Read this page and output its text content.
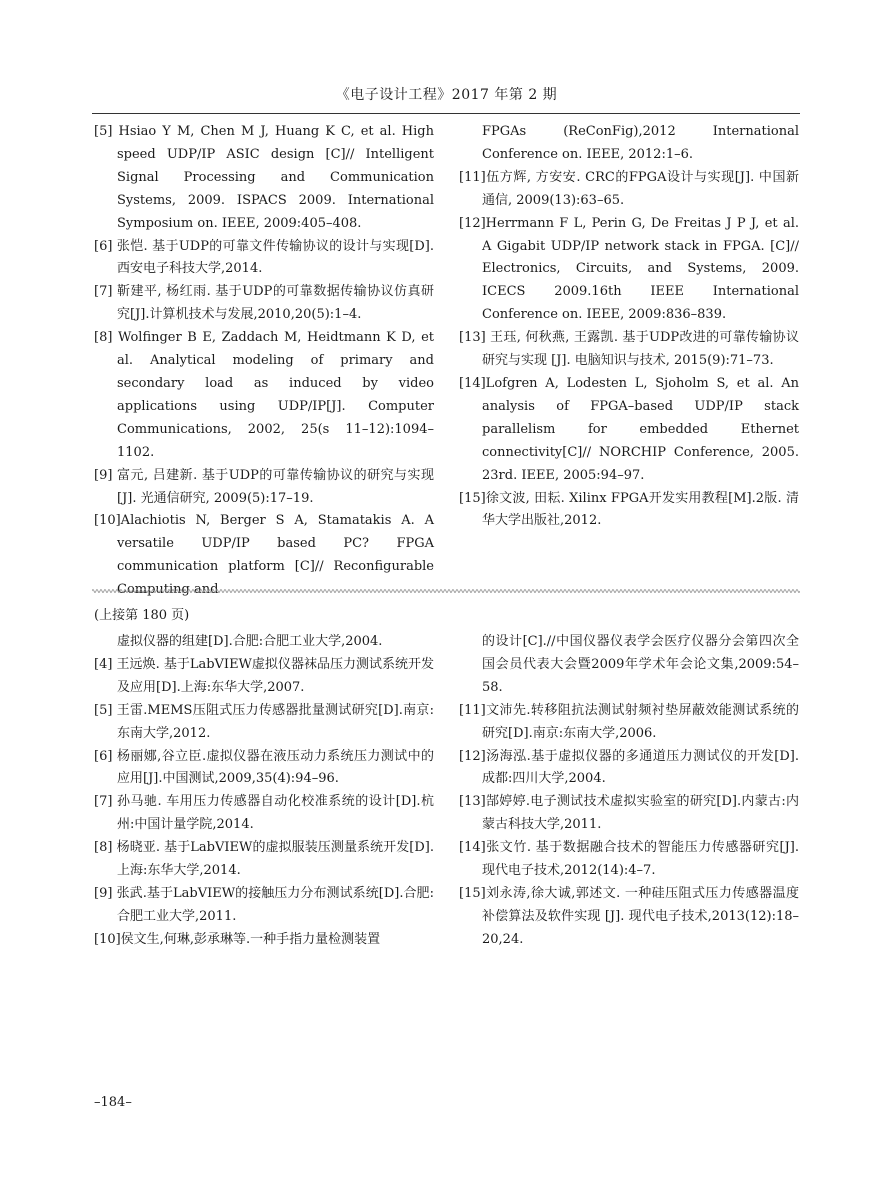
《电子设计工程》2017 年第 2 期

[5] Hsiao Y M, Chen M J, Huang K C, et al. High speed UDP/IP ASIC design [C]// Intelligent Signal Processing and Communication Systems, 2009. ISPACS 2009. International Symposium on. IEEE, 2009:405–408.

[6] 张恺. 基于UDP的可靠文件传输协议的设计与实现[D].西安电子科技大学,2014.

[7] 靳建平, 杨红雨. 基于UDP的可靠数据传输协议仿真研究[J].计算机技术与发展,2010,20(5):1–4.

[8] Wolfinger B E, Zaddach M, Heidtmann K D, et al. Analytical modeling of primary and secondary load as induced by video applications using UDP/IP[J]. Computer Communications, 2002, 25(s 11–12):1094–1102.

[9] 富元, 吕建新. 基于UDP的可靠传输协议的研究与实现[J]. 光通信研究, 2009(5):17–19.

[10]Alachiotis N, Berger S A, Stamatakis A. A versatile UDP/IP based PC? FPGA communication platform [C]// Reconfigurable Computing and

FPGAs (ReConFig),2012 International Conference on. IEEE, 2012:1–6.

[11]伍方辉, 方安安. CRC的FPGA设计与实现[J]. 中国新通信, 2009(13):63–65.

[12]Herrmann F L, Perin G, De Freitas J P J, et al. A Gigabit UDP/IP network stack in FPGA. [C]// Electronics, Circuits, and Systems, 2009. ICECS 2009.16th IEEE International Conference on. IEEE, 2009:836–839.

[13] 王珏, 何秋燕, 王露凯. 基于UDP改进的可靠传输协议研究与实现 [J]. 电脑知识与技术, 2015(9):71–73.

[14]Lofgren A, Lodesten L, Sjoholm S, et al. An analysis of FPGA–based UDP/IP stack parallelism for embedded Ethernet connectivity[C]// NORCHIP Conference, 2005. 23rd. IEEE, 2005:94–97.

[15]徐文波, 田耘. Xilinx FPGA开发实用教程[M].2版. 清华大学出版社,2012.

(上接第 180 页)

虚拟仪器的组建[D].合肥:合肥工业大学,2004.

[4] 王远焕. 基于LabVIEW虚拟仪器袜品压力测试系统开发及应用[D].上海:东华大学,2007.

[5] 王雷.MEMS压阻式压力传感器批量测试研究[D].南京:东南大学,2012.

[6] 杨丽娜,谷立臣.虚拟仪器在液压动力系统压力测试中的应用[J].中国测试,2009,35(4):94–96.

[7] 孙马驰. 车用压力传感器自动化校准系统的设计[D].杭州:中国计量学院,2014.

[8] 杨晓亚. 基于LabVIEW的虚拟服装压测量系统开发[D].上海:东华大学,2014.

[9] 张武.基于LabVIEW的接触压力分布测试系统[D].合肥:合肥工业大学,2011.

[10]侯文生,何琳,彭承琳等.一种手指力量检测装置

的设计[C].//中国仪器仪表学会医疗仪器分会第四次全国会员代表大会暨2009年学术年会论文集,2009:54–58.

[11]文沛先.转移阻抗法测试射频衬垫屏蔽效能测试系统的研究[D].南京:东南大学,2006.

[12]汤海泓.基于虚拟仪器的多通道压力测试仪的开发[D].成都:四川大学,2004.

[13]郜婷婷.电子测试技术虚拟实验室的研究[D].内蒙古:内蒙古科技大学,2011.

[14]张文竹. 基于数据融合技术的智能压力传感器研究[J]. 现代电子技术,2012(14):4–7.

[15]刘永涛,徐大诚,郭述文. 一种硅压阻式压力传感器温度补偿算法及软件实现 [J]. 现代电子技术,2013(12):18–20,24.

–184–
